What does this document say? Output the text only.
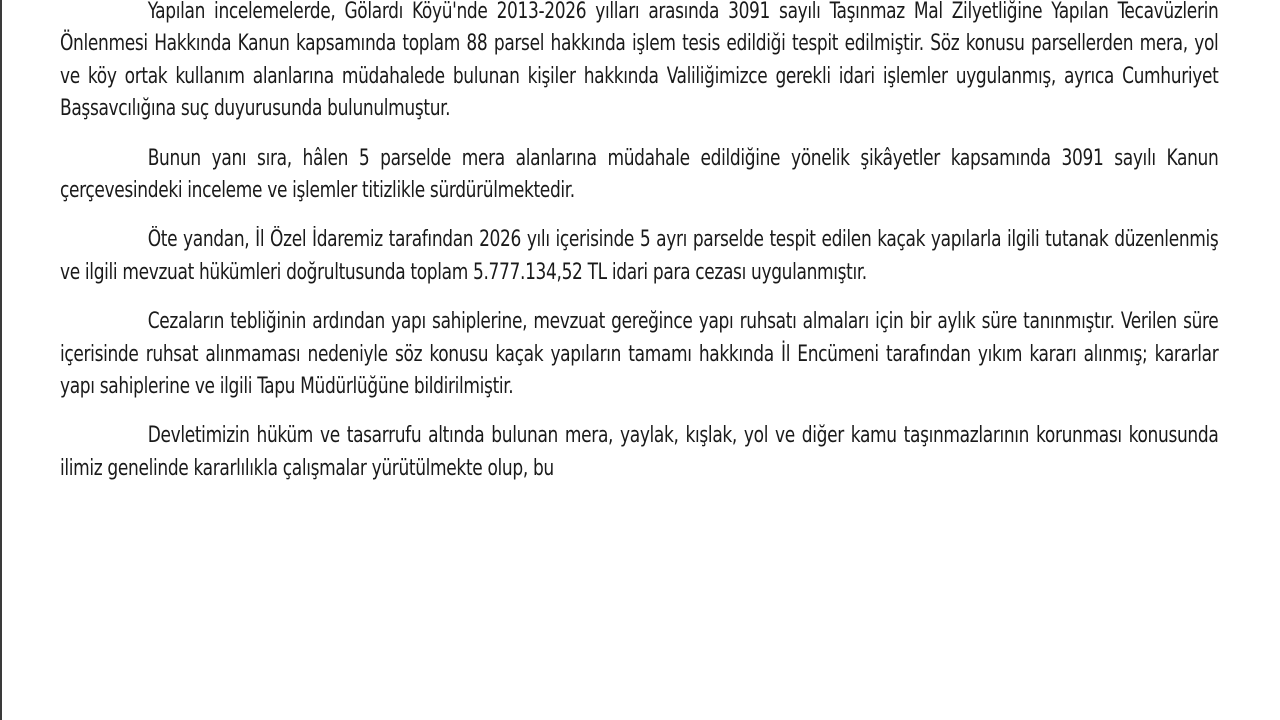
Yapılan incelemelerde, Gölardı Köyü'nde 2013-2026 yılları arasında 3091 sayılı Taşınmaz Mal Zilyetliğine Yapılan Tecavüzlerin Önlenmesi Hakkında Kanun kapsamında toplam 88 parsel hakkında işlem tesis edildiği tespit edilmiştir. Söz konusu parsellerden mera, yol ve köy ortak kullanım alanlarına müdahalede bulunan kişiler hakkında Valiliğimizce gerekli idari işlemler uygulanmış, ayrıca Cumhuriyet Başsavcılığına suç duyurusunda bulunulmuştur.

Bunun yanı sıra, hâlen 5 parselde mera alanlarına müdahale edildiğine yönelik şikâyetler kapsamında 3091 sayılı Kanun çerçevesindeki inceleme ve işlemler titizlikle sürdürülmektedir.

Öte yandan, İl Özel İdaremiz tarafından 2026 yılı içerisinde 5 ayrı parselde tespit edilen kaçak yapılarla ilgili tutanak düzenlenmiş ve ilgili mevzuat hükümleri doğrultusunda toplam 5.777.134,52 TL idari para cezası uygulanmıştır.

Cezaların tebliğinin ardından yapı sahiplerine, mevzuat gereğince yapı ruhsatı almaları için bir aylık süre tanınmıştır. Verilen süre içerisinde ruhsat alınmaması nedeniyle söz konusu kaçak yapıların tamamı hakkında İl Encümeni tarafından yıkım kararı alınmış; kararlar yapı sahiplerine ve ilgili Tapu Müdürlüğüne bildirilmiştir.

Devletimizin hüküm ve tasarrufu altında bulunan mera, yaylak, kışlak, yol ve diğer kamu taşınmazlarının korunması konusunda ilimiz genelinde kararlılıkla çalışmalar yürütülmekte olup, bu
